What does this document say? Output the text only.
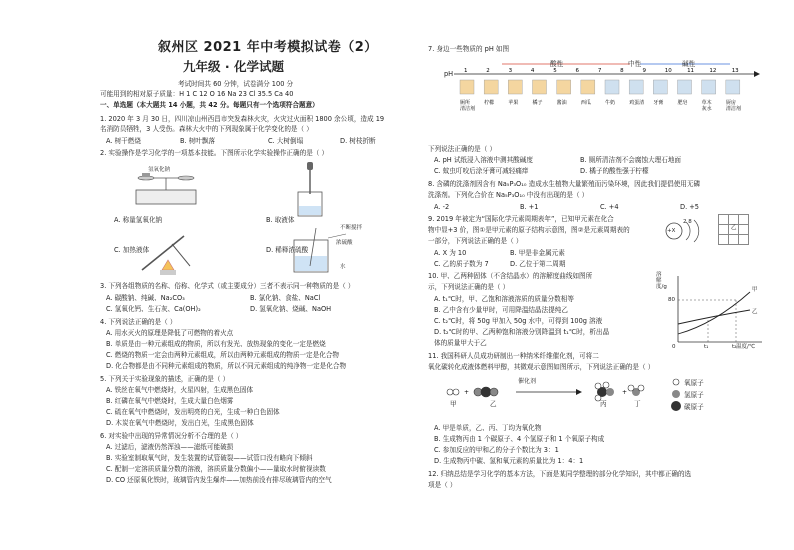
叙州区 2021 年中考模拟试卷（2）
九年级 · 化学试题
考试时间共 60 分钟，试卷满分 100 分
可能用到的相对原子质量：H 1 C 12 O 16 Na 23 Cl 35.5 Ca 40
一、单选题（本大题共 14 小题，共 42 分。每题只有一个选项符合题意）
1. 2020 年 3 月 30 日，四川凉山州西昌市突发森林火灾，火灾过火面积 1800 余公顷，造成 19
名消防员牺牲，3 人受伤。森林大火中的下列现象属于化学变化的是（ ）
A. 树干燃烧	B. 树叶飘落	C. 大树倒塌	D. 树枝折断
2. 实验操作是学习化学的一项基本技能。下图所示化学实验操作正确的是（ ）
氢氧化钠
A. 称量氢氧化钠	B. 取液体
C. 加热液体
不断搅拌
浓硫酸
水
D. 稀释浓硫酸
3. 下列各组物质的名称、俗称、化学式（或主要成分）三者不表示同一种物质的是（ ）
A. 碳酸钠、纯碱、Na₂CO₃	B. 氯化钠、食盐、NaCl
C. 氢氧化钙、生石灰、Ca(OH)₂	D. 氢氧化钠、烧碱、NaOH
4. 下列说法正确的是（ ）
A. 用水灭火的原理是降低了可燃物的着火点
B. 单质是由一种元素组成的物质，所以有发光、放热现象的变化一定是燃烧
C. 燃烧的物质一定会由两种元素组成，所以由两种元素组成的物质一定是化合物
D. 化合物都是由不同种元素组成的物质，所以不同元素组成的纯净物一定是化合物
5. 下列关于实验现象的描述，正确的是（ ）
A. 铁丝在氧气中燃烧时，火星四射，生成黑色固体
B. 红磷在氧气中燃烧时，生成大量白色烟雾
C. 硫在氧气中燃烧时，发出明亮的白光，生成一种白色固体
D. 木炭在氧气中燃烧时，发出白光，生成黑色固体
6. 对实验中出现的异常情况分析不合理的是（ ）
A. 过滤后，滤液仍然浑浊——滤纸可能破损
B. 实验室制取氧气时，发生装置的试管破裂——试管口没有略向下倾斜
C. 配制一定溶质质量分数的溶液，溶质质量分数偏小——量取水时俯视读数
D. CO 还原氧化铁时，玻璃管内发生爆炸——加热前没有排尽玻璃管内的空气
7. 身边一些物质的 pH 如图
1	2	3	4	5	6	7	8	9	10	11	12	13
厕所清洁剂
柠檬	苹果	橘子	酱油	西瓜	牛奶	鸡蛋清 牙膏	肥皂	草木灰水
厨房清洁剂
酸性	中性	碱性
pH
下列说法正确的是（ ）
A. pH 试纸浸入溶液中测其酸碱度	B. 厕所清洁剂不会腐蚀大理石地面
C. 蚊虫叮咬后涂牙膏可减轻痛痒	D. 橘子的酸性强于柠檬
8. 含磷的洗涤剂因含有 Na₅P₃O₁₀ 造成水生植物大量繁殖而污染环境，因此我们提倡使用无磷
洗涤剂。下列化合价在 Na₅P₃O₁₀ 中没有出现的是（ ）
A. -2	B. +1	C. +4	D. +5
9. 2019 年被定为“国际化学元素周期表年”，已知甲元素在化合
物中显+3 价，图①是甲元素的原子结构示意图，图②是元素周期表的
一部分，下列说法正确的是（ ）
A. X 为 10	B. 甲是非金属元素
C. 乙的质子数为 7	D. 乙位于第二周期
+X
2 8
乙
10. 甲、乙两种固体（不含结晶水）的溶解度曲线如图所
示，下列说法正确的是（ ）
A. t₁℃时，甲、乙饱和溶液溶质的质量分数相等
B. 乙中含有少量甲时，可用降温结晶法提纯乙
C. t₂℃时，将 50g 甲加入 50g 水中，可得到 100g 溶液
D. t₂℃时的甲、乙两种饱和溶液分别降温到 t₁℃时，析出晶
体的质量甲大于乙
溶解度/g
80
温度/℃
0	t₁	t₂
甲
乙
11. 我国科研人员成功研制出一种纳米纤维催化剂，可将二
氧化碳转化成液体燃料甲醇，其微观示意图如图所示，下列说法正确的是（ ）
+	+
催化剂
甲	乙	丙	丁
氧原子
氢原子
碳原子
A. 甲是单质，乙、丙、丁均为氧化物
B. 生成物丙由 1 个碳原子、4 个氢原子和 1 个氧原子构成
C. 参加反应的甲和乙的分子个数比为 3：1
D. 生成物丙中碳、氢和氧元素的质量比为 1：4：1
12. 归纳总结是学习化学的基本方法，下面是某同学整理的部分化学知识，其中都正确的选
项是（ ）
